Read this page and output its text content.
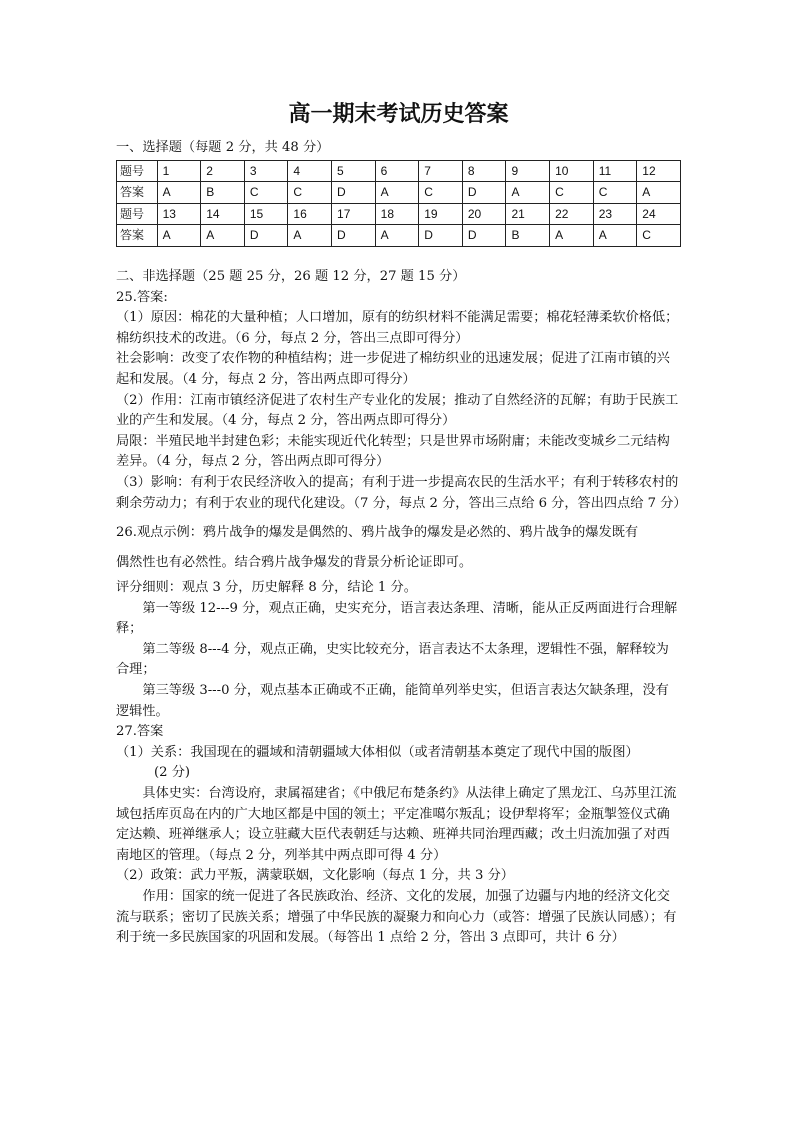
高一期末考试历史答案

一、选择题（每题 2 分，共 48 分）

题号	1	2	3	4	5	6	7	8	9	10	11	12
答案	A	B	C	C	D	A	C	D	A	C	C	A
题号	13	14	15	16	17	18	19	20	21	22	23	24
答案	A	A	D	A	D	A	D	D	B	A	A	C

二、非选择题（25 题 25 分，26 题 12 分，27 题 15 分）

25.答案:

（1）原因：棉花的大量种植；人口增加，原有的纺织材料不能满足需要；棉花轻薄柔软价格低；棉纺织技术的改进。（6 分，每点 2 分，答出三点即可得分）

社会影响：改变了农作物的种植结构；进一步促进了棉纺织业的迅速发展；促进了江南市镇的兴起和发展。（4 分，每点 2 分，答出两点即可得分）

（2）作用：江南市镇经济促进了农村生产专业化的发展；推动了自然经济的瓦解；有助于民族工业的产生和发展。（4 分，每点 2 分，答出两点即可得分）

局限：半殖民地半封建色彩；未能实现近代化转型；只是世界市场附庸；未能改变城乡二元结构差异。（4 分，每点 2 分，答出两点即可得分）

（3）影响：有利于农民经济收入的提高；有利于进一步提高农民的生活水平；有利于转移农村的剩余劳动力；有利于农业的现代化建设。（7 分，每点 2 分，答出三点给 6 分，答出四点给 7 分）

26.观点示例：鸦片战争的爆发是偶然的、鸦片战争的爆发是必然的、鸦片战争的爆发既有

偶然性也有必然性。结合鸦片战争爆发的背景分析论证即可。

评分细则：观点 3 分，历史解释 8 分，结论 1 分。

第一等级 12---9 分，观点正确，史实充分，语言表达条理、清晰，能从正反两面进行合理解释；

第二等级 8---4 分，观点正确，史实比较充分，语言表达不太条理，逻辑性不强，解释较为合理；

第三等级 3---0 分，观点基本正确或不正确，能简单列举史实，但语言表达欠缺条理，没有逻辑性。

27.答案

（1）关系：我国现在的疆域和清朝疆域大体相似（或者清朝基本奠定了现代中国的版图）

(2 分)

具体史实：台湾设府，隶属福建省；《中俄尼布楚条约》从法律上确定了黑龙江、乌苏里江流域包括库页岛在内的广大地区都是中国的领土；平定准噶尔叛乱；设伊犁将军；金瓶掣签仪式确定达赖、班禅继承人；设立驻藏大臣代表朝廷与达赖、班禅共同治理西藏；改土归流加强了对西南地区的管理。（每点 2 分，列举其中两点即可得 4 分）

（2）政策：武力平叛，满蒙联姻，文化影响（每点 1 分，共 3 分）

作用：国家的统一促进了各民族政治、经济、文化的发展，加强了边疆与内地的经济文化交流与联系；密切了民族关系；增强了中华民族的凝聚力和向心力（或答：增强了民族认同感）；有利于统一多民族国家的巩固和发展。（每答出 1 点给 2 分，答出 3 点即可，共计 6 分）
